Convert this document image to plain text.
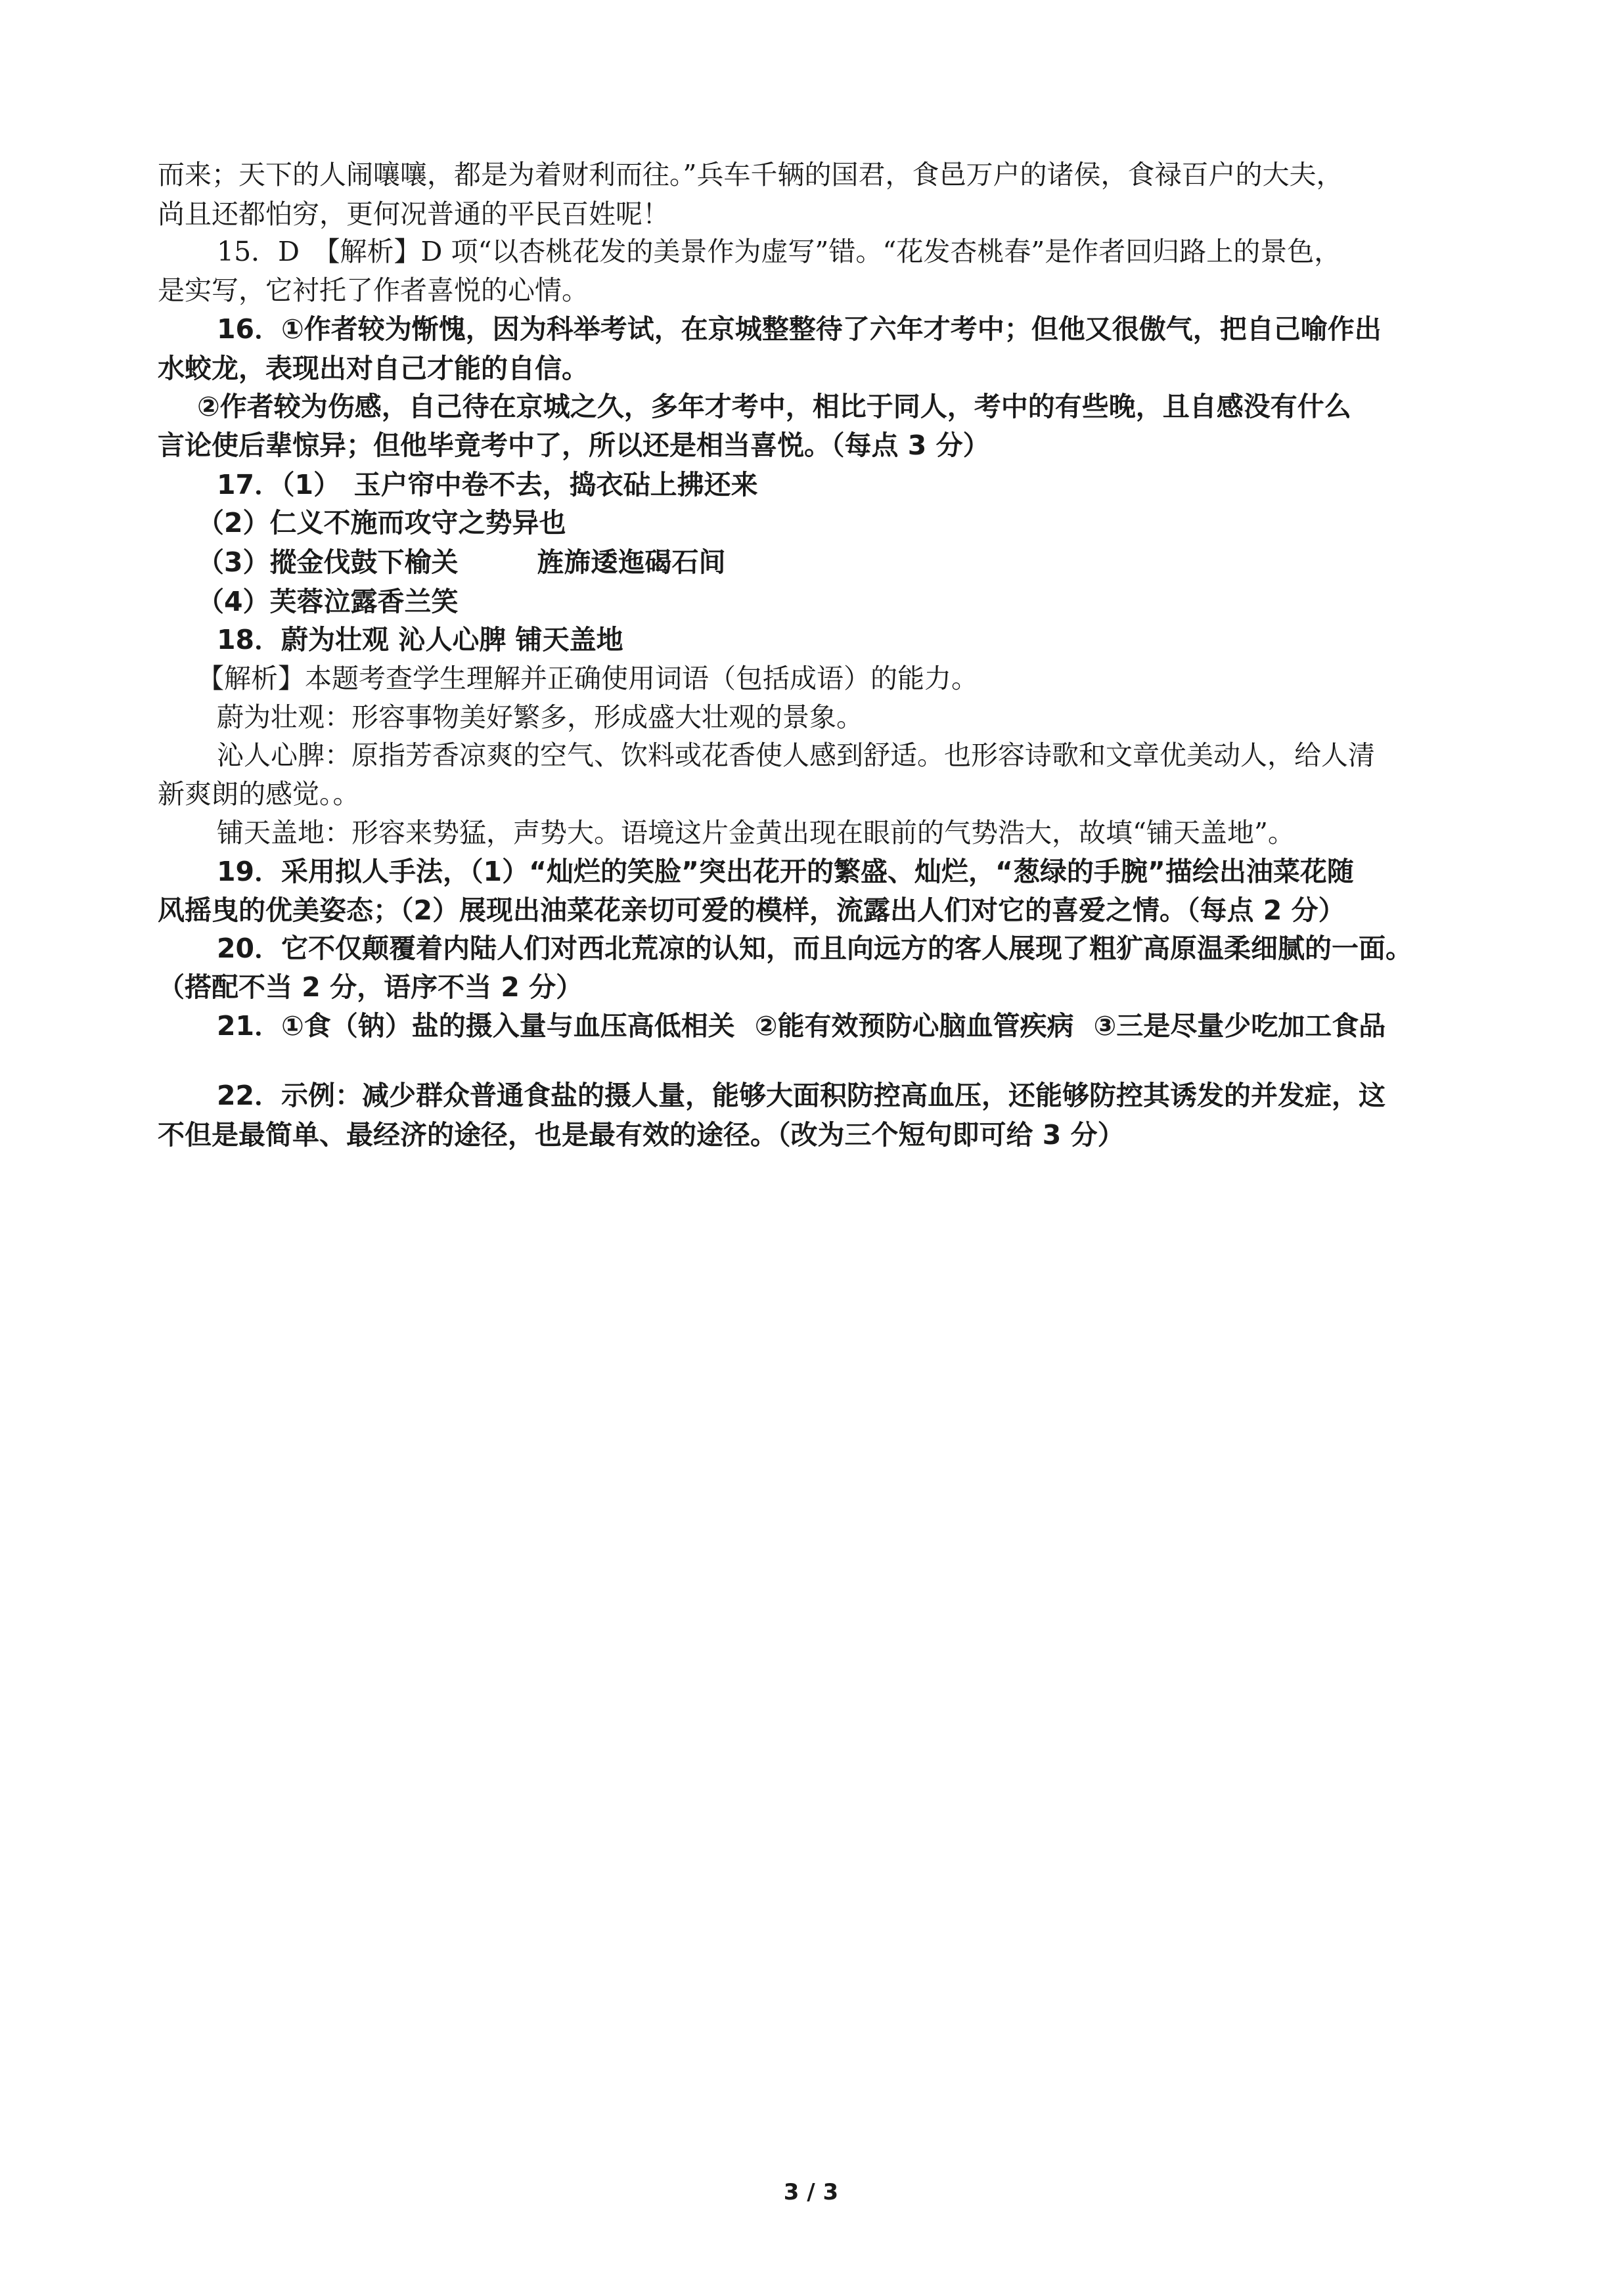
而来；天下的人闹嚷嚷，都是为着财利而往。”兵车千辆的国君，食邑万户的诸侯，食禄百户的大夫，
尚且还都怕穷，更何况普通的平民百姓呢！
15．D　【解析】D 项“以杏桃花发的美景作为虚写”错。“花发杏桃春”是作者回归路上的景色，
是实写，它衬托了作者喜悦的心情。
16．①作者较为惭愧，因为科举考试，在京城整整待了六年才考中；但他又很傲气，把自己喻作出
水蛟龙，表现出对自己才能的自信。
②作者较为伤感，自己待在京城之久，多年才考中，相比于同人，考中的有些晚，且自感没有什么
言论使后辈惊异；但他毕竟考中了，所以还是相当喜悦。（每点 3 分）
17．（1）　玉户帘中卷不去，捣衣砧上拂还来
（2）仁义不施而攻守之势异也
（3）摐金伐鼓下榆关	旌旆逶迤碣石间
（4）芙蓉泣露香兰笑
18．蔚为壮观 沁人心脾 铺天盖地
【解析】本题考查学生理解并正确使用词语（包括成语）的能力。
蔚为壮观：形容事物美好繁多，形成盛大壮观的景象。
沁人心脾：原指芳香凉爽的空气、饮料或花香使人感到舒适。也形容诗歌和文章优美动人，给人清
新爽朗的感觉。。
铺天盖地：形容来势猛，声势大。语境这片金黄出现在眼前的气势浩大，故填“铺天盖地”。
19．采用拟人手法，（1）“灿烂的笑脸”突出花开的繁盛、灿烂，“葱绿的手腕”描绘出油菜花随
风摇曳的优美姿态；（2）展现出油菜花亲切可爱的模样，流露出人们对它的喜爱之情。（每点 2 分）
20．它不仅颠覆着内陆人们对西北荒凉的认知，而且向远方的客人展现了粗犷高原温柔细腻的一面。
（搭配不当 2 分，语序不当 2 分）
21．①食（钠）盐的摄入量与血压高低相关 ②能有效预防心脑血管疾病 ③三是尽量少吃加工食品
22．示例：减少群众普通食盐的摄人量，能够大面积防控高血压，还能够防控其诱发的并发症，这
不但是最简单、最经济的途径，也是最有效的途径。（改为三个短句即可给 3 分）
3 / 3
